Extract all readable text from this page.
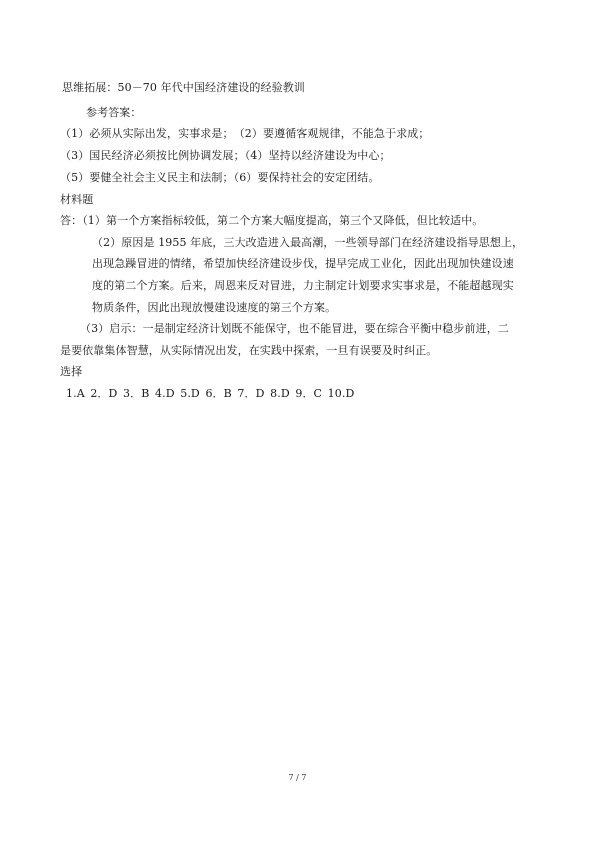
思维拓展：50－70 年代中国经济建设的经验教训
参考答案：
（1）必须从实际出发，实事求是；　（2）要遵循客观规律，不能急于求成；
（3）国民经济必须按比例协调发展；（4）坚持以经济建设为中心；
（5）要健全社会主义民主和法制；（6）要保持社会的安定团结。
材料题
答：（1）第一个方案指标较低，第二个方案大幅度提高，第三个又降低，但比较适中。
（2）原因是 1955 年底，三大改造进入最高潮，一些领导部门在经济建设指导思想上，
出现急躁冒进的情绪，希望加快经济建设步伐，提早完成工业化，因此出现加快建设速
度的第二个方案。后来，周恩来反对冒进，力主制定计划要求实事求是，不能超越现实
物质条件，因此出现放慢建设速度的第三个方案。
（3）启示：一是制定经济计划既不能保守，也不能冒进，要在综合平衡中稳步前进，二
是要依靠集体智慧，从实际情况出发，在实践中探索，一旦有误要及时纠正。
选择
1.A 2．D 3．B 4.D 5.D 6．B 7．D 8.D 9．C 10.D
7 / 7
